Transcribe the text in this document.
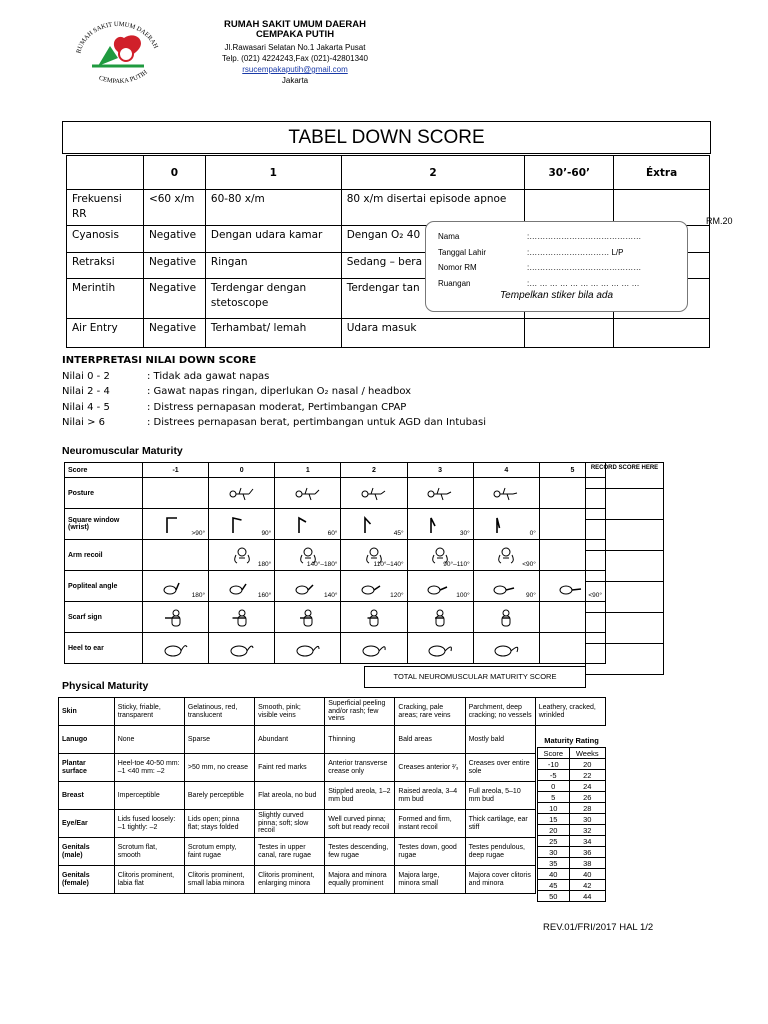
RUMAH SAKIT UMUM DAERAH
CEMPAKA PUTIH
RUMAH SAKIT UMUM DAERAH
CEMPAKA PUTIH
Jl.Rawasari Selatan No.1 Jakarta Pusat
Telp. (021) 4224243,Fax (021)-42801340
rsucempakaputih@gmail.com
Jakarta
TABEL DOWN SCORE
	0	1	2	30’-60’	Éxtra
Frekuensi RR	<60 x/m	60-80 x/m	80 x/m disertai episode apnoe		
Cyanosis	Negative	Dengan udara kamar	Dengan O₂ 40		
Retraksi	Negative	Ringan	Sedang – bera		
Merintih	Negative	Terdengar dengan stetoscope	Terdengar tan		
Air Entry	Negative	Terhambat/ lemah	Udara masuk		
RM.20
Nama	:……………………………………
Tanggal Lahir	:………………………… L/P
Nomor RM	:……………………………………
Ruangan	:… … … … … … … … … … …
Tempelkan stiker bila ada
INTERPRETASI NILAI DOWN SCORE
Nilai 0 - 2	: Tidak ada gawat napas
Nilai 2 - 4	: Gawat napas ringan, diperlukan O₂ nasal / headbox
Nilai 4 - 5	: Distress pernapasan moderat, Pertimbangan CPAP
Nilai > 6	: Distrees pernapasan berat, pertimbangan untuk AGD dan Intubasi
Neuromuscular Maturity
Score	-1	0	1	2	3	4	5
Posture		

Square window (wrist)	>90°	90°	60°	45°	30°	0°	

Arm recoil		180°	140°–180°	110°–140°	90°–110°	<90°	

Popliteal angle	180°	160°	140°	120°	100°	90°	<90°

Scarf sign	

Heel to ear	

RECORD SCORE HERE

TOTAL NEUROMUSCULAR MATURITY SCORE
Physical Maturity
Skin	Sticky, friable, transparent	Gelatinous, red, translucent	Smooth, pink; visible veins	Superficial peeling and/or rash; few veins	Cracking, pale areas; rare veins	Parchment, deep cracking; no vessels	Leathery, cracked, wrinkled
Lanugo	None	Sparse	Abundant	Thinning	Bald areas	Mostly bald	
Plantar surface	Heel-toe 40-50 mm: –1 <40 mm: –2	>50 mm, no crease	Faint red marks	Anterior transverse crease only	Creases anterior ²⁄₃	Creases over entire sole	
Breast	Imperceptible	Barely perceptible	Flat areola, no bud	Stippled areola, 1–2 mm bud	Raised areola, 3–4 mm bud	Full areola, 5–10 mm bud	
Eye/Ear	Lids fused loosely: –1 tightly: –2	Lids open; pinna flat; stays folded	Slightly curved pinna; soft; slow recoil	Well curved pinna; soft but ready recoil	Formed and firm, instant recoil	Thick cartilage, ear stiff	
Genitals (male)	Scrotum flat, smooth	Scrotum empty, faint rugae	Testes in upper canal, rare rugae	Testes descending, few rugae	Testes down, good rugae	Testes pendulous, deep rugae	
Genitals (female)	Clitoris prominent, labia flat	Clitoris prominent, small labia minora	Clitoris prominent, enlarging minora	Majora and minora equally prominent	Majora large, minora small	Majora cover clitoris and minora	
Maturity Rating
Score	Weeks
-10	20
-5	22
0	24
5	26
10	28
15	30
20	32
25	34
30	36
35	38
40	40
45	42
50	44
REV.01/FRI/2017 HAL 1/2
